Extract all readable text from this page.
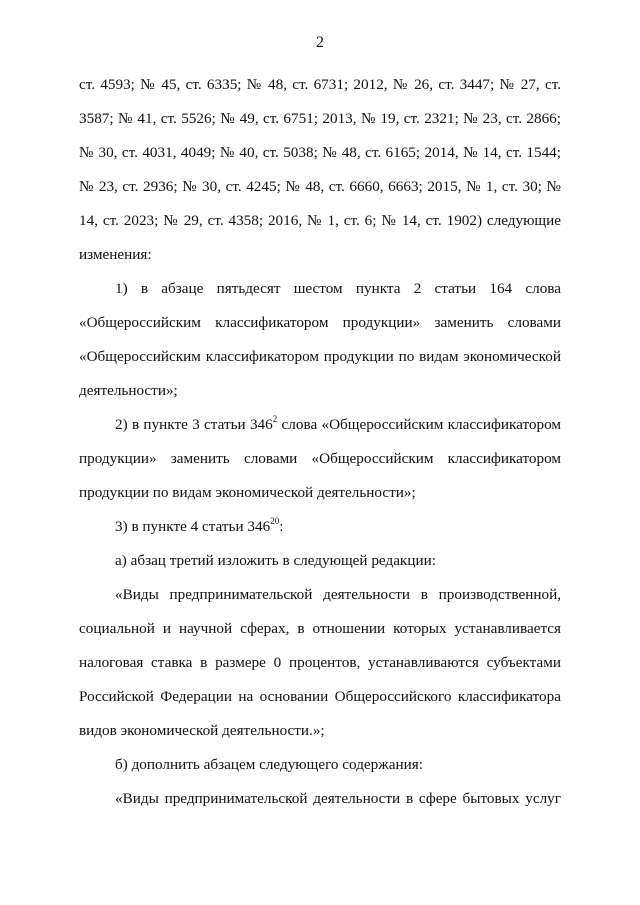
2

ст. 4593; № 45, ст. 6335; № 48, ст. 6731; 2012, № 26, ст. 3447; № 27, ст. 3587; № 41, ст. 5526; № 49, ст. 6751; 2013, № 19, ст. 2321; № 23, ст. 2866; № 30, ст. 4031, 4049; № 40, ст. 5038; № 48, ст. 6165; 2014, № 14, ст. 1544; № 23, ст. 2936; № 30, ст. 4245; № 48, ст. 6660, 6663; 2015, № 1, ст. 30; № 14, ст. 2023; № 29, ст. 4358; 2016, № 1, ст. 6; № 14, ст. 1902) следующие изменения:

1) в абзаце пятьдесят шестом пункта 2 статьи 164 слова «Общероссийским классификатором продукции» заменить словами «Общероссийским классификатором продукции по видам экономической деятельности»;

2) в пункте 3 статьи $346^2$ слова «Общероссийским классификатором продукции» заменить словами «Общероссийским классификатором продукции по видам экономической деятельности»;

3) в пункте 4 статьи $346^{20}$:

а) абзац третий изложить в следующей редакции:

«Виды предпринимательской деятельности в производственной, социальной и научной сферах, в отношении которых устанавливается налоговая ставка в размере 0 процентов, устанавливаются субъектами Российской Федерации на основании Общероссийского классификатора видов экономической деятельности.»;

б) дополнить абзацем следующего содержания:

«Виды предпринимательской деятельности в сфере бытовых услуг
